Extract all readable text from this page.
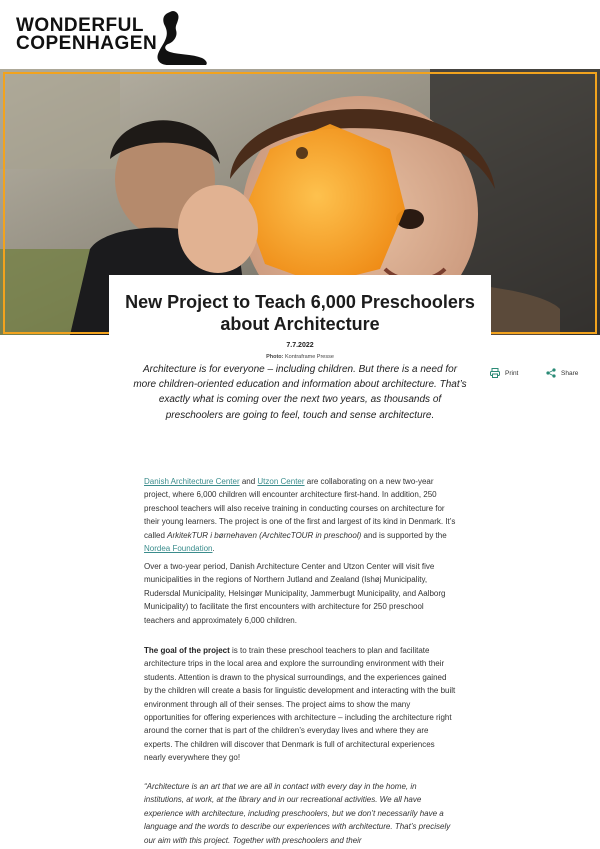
WONDERFUL
COPENHAGEN
New Project to Teach 6,000 Preschoolers about Architecture
7.7.2022
Photo: Kontraframe Presse

Architecture is for everyone – including children. But there is a need for more children-oriented education and information about architecture. That’s exactly what is coming over the next two years, as thousands of preschoolers are going to feel, touch and sense architecture.

Print	Share

Danish Architecture Center and Utzon Center are collaborating on a new two-year project, where 6,000 children will encounter architecture first-hand. In addition, 250 preschool teachers will also receive training in conducting courses on architecture for their young learners. The project is one of the first and largest of its kind in Denmark. It’s called ArkitekTUR i børnehaven (ArchitecTOUR in preschool) and is supported by the Nordea Foundation.

Over a two-year period, Danish Architecture Center and Utzon Center will visit five municipalities in the regions of Northern Jutland and Zealand (Ishøj Municipality, Rudersdal Municipality, Helsingør Municipality, Jammerbugt Municipality, and Aalborg Municipality) to facilitate the first encounters with architecture for 250 preschool teachers and approximately 6,000 children.

The goal of the project is to train these preschool teachers to plan and facilitate architecture trips in the local area and explore the surrounding environment with their students. Attention is drawn to the physical surroundings, and the experiences gained by the children will create a basis for linguistic development and interacting with the built environment through all of their senses. The project aims to show the many opportunities for offering experiences with architecture – including the architecture right around the corner that is part of the children’s everyday lives and where they are experts. The children will discover that Denmark is full of architectural experiences nearly everywhere they go!

“Architecture is an art that we are all in contact with every day in the home, in institutions, at work, at the library and in our recreational activities. We all have experience with architecture, including preschoolers, but we don’t necessarily have a language and the words to describe our experiences with architecture. That’s precisely our aim with this project. Together with preschoolers and their
